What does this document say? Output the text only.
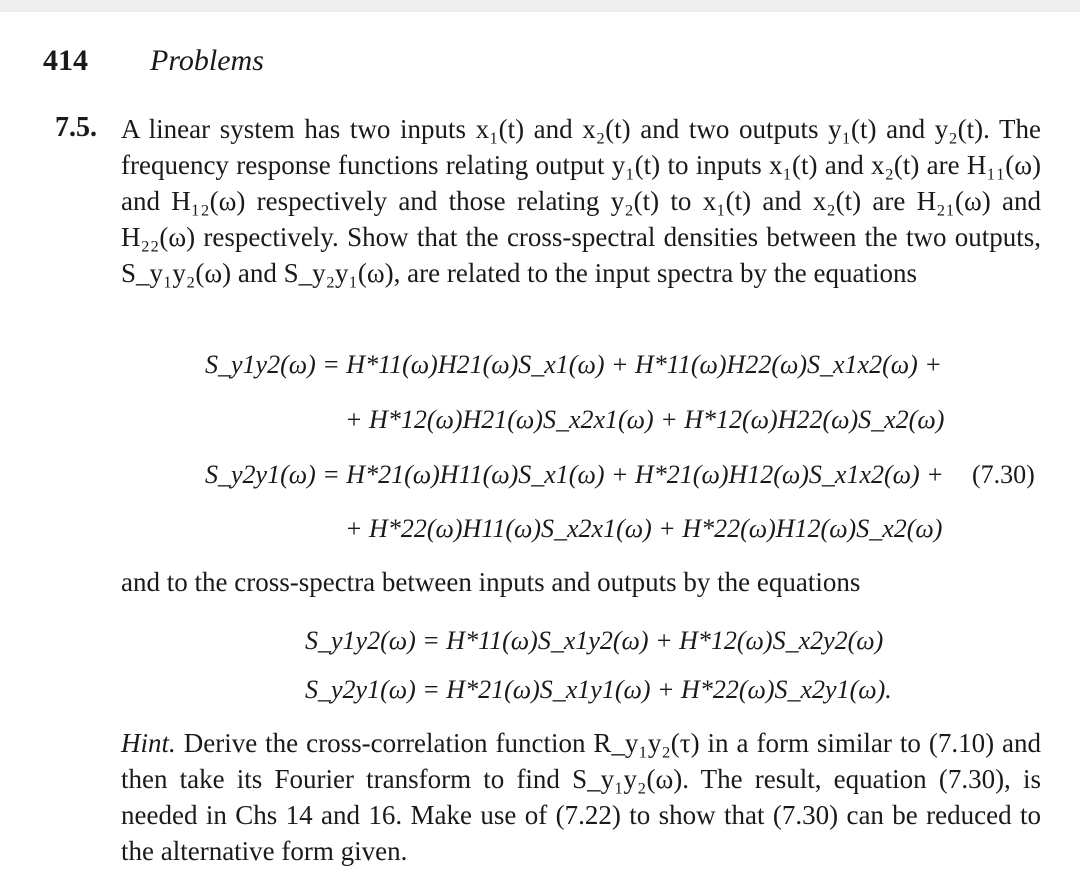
414 Problems
7.5. A linear system has two inputs x₁(t) and x₂(t) and two outputs y₁(t) and y₂(t). The frequency response functions relating output y₁(t) to inputs x₁(t) and x₂(t) are H₁₁(ω) and H₁₂(ω) respectively and those relating y₂(t) to x₁(t) and x₂(t) are H₂₁(ω) and H₂₂(ω) respectively. Show that the cross-spectral densities between the two outputs, S_y₁y₂(ω) and S_y₂y₁(ω), are related to the input spectra by the equations
S_y1y2(ω) = H*11(ω)H21(ω)S_x1(ω) + H*11(ω)H22(ω)S_x1x2(ω) +
+ H*12(ω)H21(ω)S_x2x1(ω) + H*12(ω)H22(ω)S_x2(ω)
S_y2y1(ω) = H*21(ω)H11(ω)S_x1(ω) + H*21(ω)H12(ω)S_x1x2(ω) + (7.30)
+ H*22(ω)H11(ω)S_x2x1(ω) + H*22(ω)H12(ω)S_x2(ω)
and to the cross-spectra between inputs and outputs by the equations
S_y1y2(ω) = H*11(ω)S_x1y2(ω) + H*12(ω)S_x2y2(ω)
S_y2y1(ω) = H*21(ω)S_x1y1(ω) + H*22(ω)S_x2y1(ω).
Hint. Derive the cross-correlation function R_y₁y₂(τ) in a form similar to (7.10) and then take its Fourier transform to find S_y₁y₂(ω). The result, equation (7.30), is needed in Chs 14 and 16. Make use of (7.22) to show that (7.30) can be reduced to the alternative form given.
